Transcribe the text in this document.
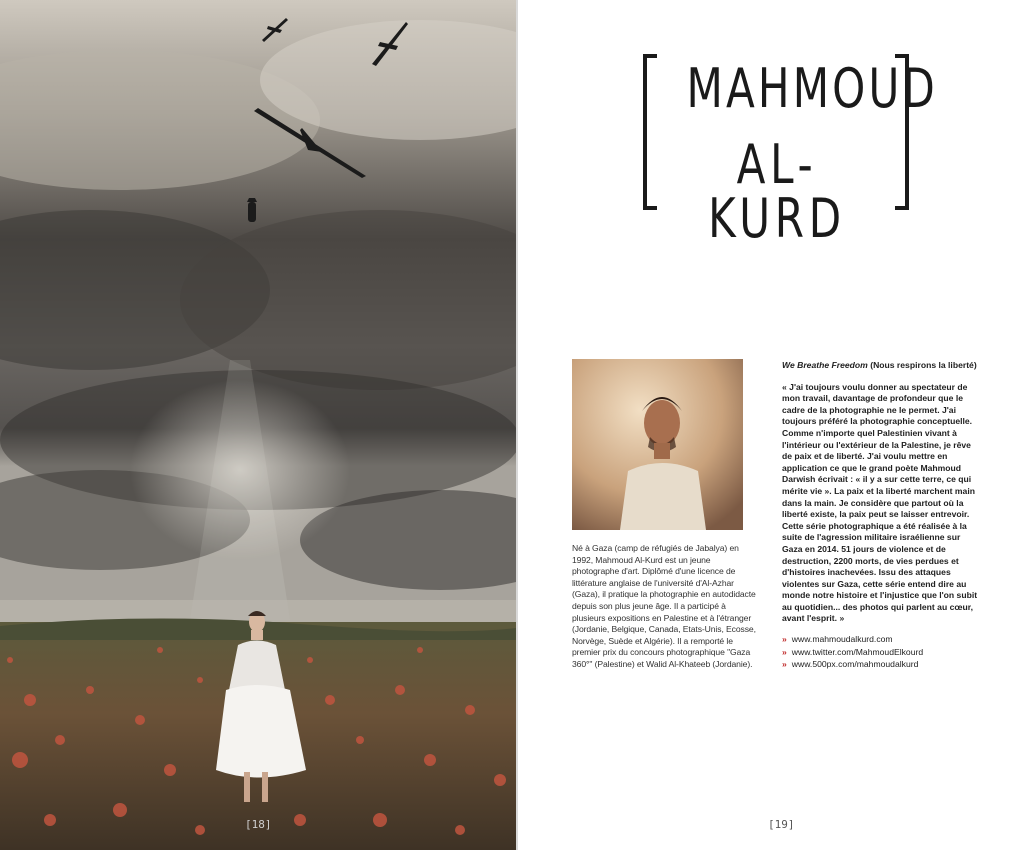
[18]
MAHMOUD
AL-KURD
Né à Gaza (camp de réfugiés de Jabalya) en 1992, Mahmoud Al-Kurd est un jeune photographe d'art. Diplômé d'une licence de littérature anglaise de l'université d'Al-Azhar (Gaza), il pratique la photographie en autodidacte depuis son plus jeune âge. Il a participé à plusieurs expositions en Palestine et à l'étranger (Jordanie, Belgique, Canada, Etats-Unis, Ecosse, Norvège, Suède et Algérie). Il a remporté le premier prix du concours photographique "Gaza 360°" (Palestine) et Walid Al-Khateeb (Jordanie).

We Breathe Freedom (Nous respirons la liberté)

« J'ai toujours voulu donner au spectateur de mon travail, davantage de profondeur que le cadre de la photographie ne le permet. J'ai toujours préféré la photographie conceptuelle. Comme n'importe quel Palestinien vivant à l'intérieur ou l'extérieur de la Palestine, je rêve de paix et de liberté. J'ai voulu mettre en application ce que le grand poète Mahmoud Darwish écrivait : « il y a sur cette terre, ce qui mérite vie ». La paix et la liberté marchent main dans la main. Je considère que partout où la liberté existe, la paix peut se laisser entrevoir. Cette série photographique a été réalisée à la suite de l'agression militaire israélienne sur Gaza en 2014. 51 jours de violence et de destruction, 2200 morts, de vies perdues et d'histoires inachevées. Issu des attaques violentes sur Gaza, cette série entend dire au monde notre histoire et l'injustice que l'on subit au quotidien... des photos qui parlent au cœur, avant l'esprit. »

» www.mahmoudalkurd.com
» www.twitter.com/MahmoudElkourd
» www.500px.com/mahmoudalkurd
[19]
